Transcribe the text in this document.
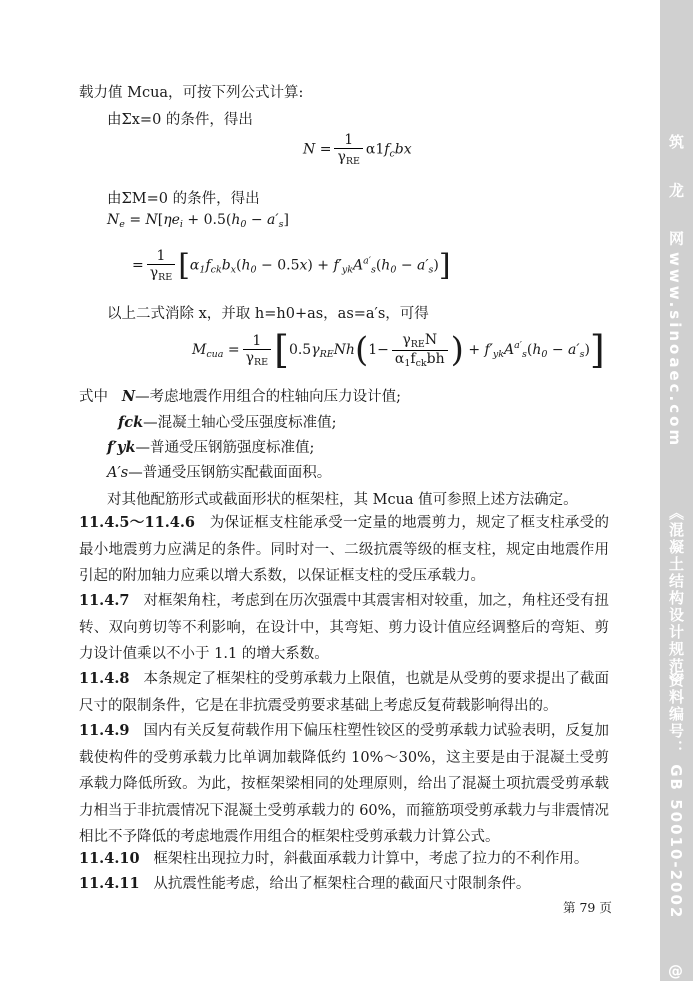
载力值 Mcua，可按下列公式计算:
由Σx=0 的条件，得出
$N = \frac{1}{\gamma_{RE}} \alpha 1f_cbx$
由ΣM=0 的条件，得出
$N_e = N[\eta e_i + 0.5(h_0 - a'_s]$
= $\frac{1}{\gamma_{RE}} [\alpha_1f_{ck}b_x(h_0 - 0.5x) + f'_{yk}A^{a'}_s(h_0 - a'_s)]$
以上二式消除 x，并取 h=h0+as，as=a′s，可得
$M_{cua} = \frac{1}{\gamma_{RE}} [0.5\gamma_{RE}Nh(1- \frac{\gamma_{RE}N}{\alpha_1f_{ck}bh}$ ) + $f'_{yk}A^{a'}_s(h_0 - a'_s)$]
式中 N—考虑地震作用组合的柱轴向压力设计值;
fck—混凝土轴心受压强度标准值;
f′yk—普通受压钢筋强度标准值;
A′s—普通受压钢筋实配截面面积。
对其他配筋形式或截面形状的框架柱，其 Mcua 值可参照上述方法确定。
11.4.5～11.4.6 为保证框支柱能承受一定量的地震剪力，规定了框支柱承受的最小地震剪力应满足的条件。同时对一、二级抗震等级的框支柱，规定由地震作用引起的附加轴力应乘以增大系数，以保证框支柱的受压承载力。
11.4.7 对框架角柱，考虑到在历次强震中其震害相对较重，加之，角柱还受有扭转、双向剪切等不利影响，在设计中，其弯矩、剪力设计值应经调整后的弯矩、剪力设计值乘以不小于 1.1 的增大系数。
11.4.8 本条规定了框架柱的受剪承载力上限值，也就是从受剪的要求提出了截面尺寸的限制条件，它是在非抗震受剪要求基础上考虑反复荷载影响得出的。
11.4.9 国内有关反复荷载作用下偏压柱塑性铰区的受剪承载力试验表明，反复加载使构件的受剪承载力比单调加载降低约 10%～30%，这主要是由于混凝土受剪承载力降低所致。为此，按框架梁相同的处理原则，给出了混凝土项抗震受剪承载力相当于非抗震情况下混凝土受剪承载力的 60%，而箍筋项受剪承载力与非震情况相比不予降低的考虑地震作用组合的框架柱受剪承载力计算公式。
11.4.10 框架柱出现拉力时，斜截面承载力计算中，考虑了拉力的不利作用。
11.4.11 从抗震性能考虑，给出了框架柱合理的截面尺寸限制条件。
第 79 页
筑 龙 网
www.sinoaec.com
《混凝土结构设计规范》
资料编号： GB 50010-2002
@
